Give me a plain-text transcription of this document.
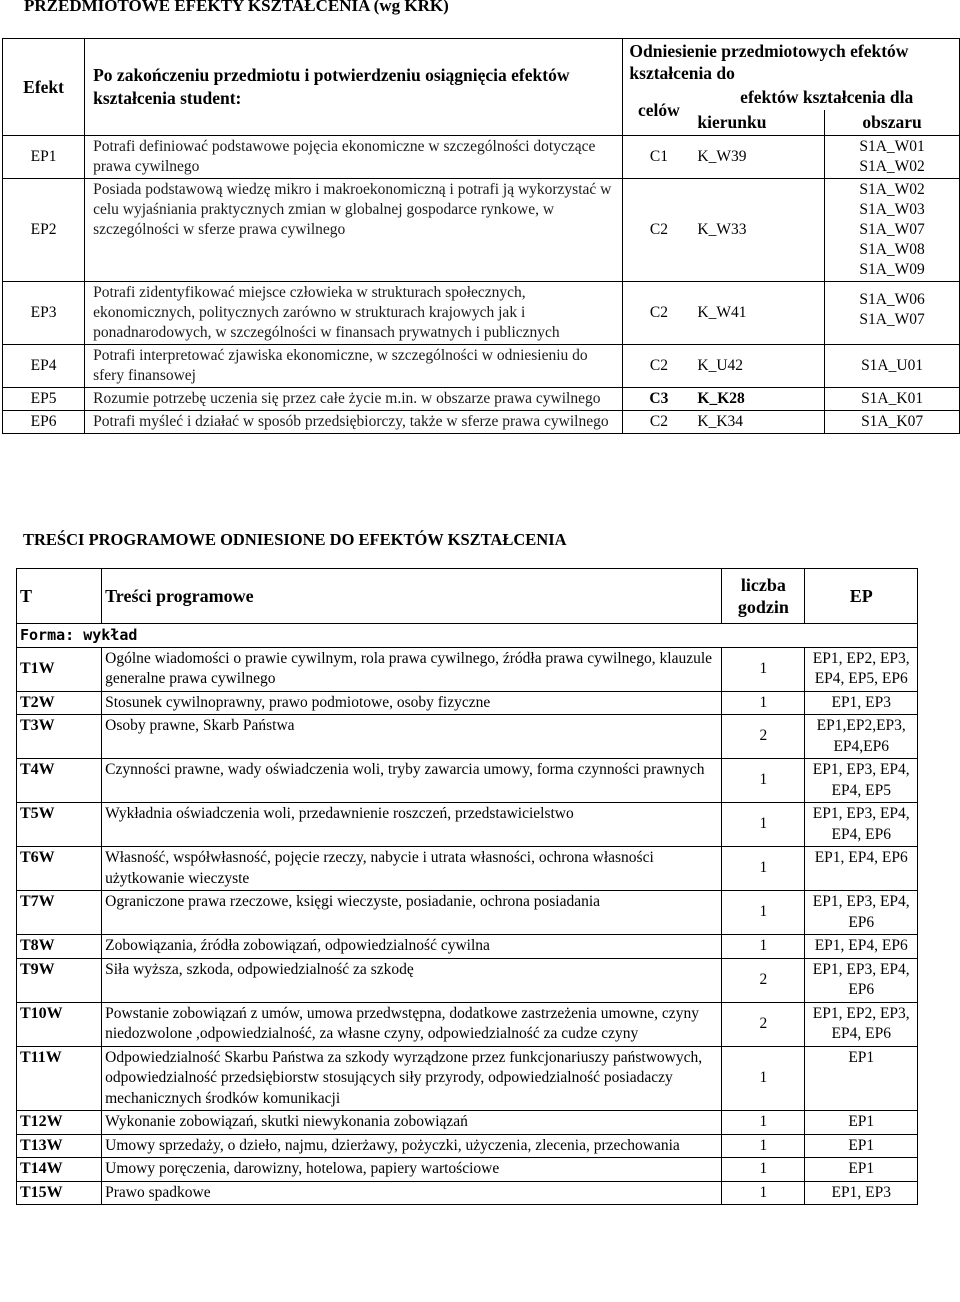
PRZEDMIOTOWE EFEKTY KSZTAŁCENIA (wg KRK)
Efekt	Po zakończeniu przedmiotu i potwierdzeniu osiągnięcia efektów kształcenia student:	Odniesienie przedmiotowych efektów kształcenia do		
		celów	efektów kształcenia dla	
			kierunku	obszaru
EP1	Potrafi definiować podstawowe pojęcia ekonomiczne w szczególności dotyczące prawa cywilnego	C1	K_W39	S1A_W01
S1A_W02
EP2	Posiada podstawową wiedzę mikro i makroekonomiczną i potrafi ją wykorzystać w celu wyjaśniania praktycznych zmian w globalnej gospodarce rynkowe, w szczególności w sferze prawa cywilnego	C2	K_W33	S1A_W02
S1A_W03
S1A_W07
S1A_W08
S1A_W09
EP3	Potrafi zidentyfikować miejsce człowieka w strukturach społecznych, ekonomicznych, politycznych zarówno w strukturach krajowych jak i ponadnarodowych, w szczególności w finansach prywatnych i publicznych	C2	K_W41	S1A_W06
S1A_W07
EP4	Potrafi interpretować zjawiska ekonomiczne, w szczególności w odniesieniu do sfery finansowej	C2	K_U42	S1A_U01
EP5	Rozumie potrzebę uczenia się przez całe życie m.in. w obszarze prawa cywilnego	C3	K_K28	S1A_K01
EP6	Potrafi myśleć i działać w sposób przedsiębiorczy, także w sferze prawa cywilnego	C2	K_K34	S1A_K07
TREŚCI PROGRAMOWE ODNIESIONE DO EFEKTÓW KSZTAŁCENIA
T	Treści programowe	liczba godzin	EP
Forma: wykład			
T1W	Ogólne wiadomości o prawie cywilnym, rola prawa cywilnego, źródła prawa cywilnego, klauzule generalne prawa cywilnego	1	EP1, EP2, EP3, EP4, EP5, EP6
T2W	Stosunek cywilnoprawny, prawo podmiotowe, osoby fizyczne	1	EP1, EP3
T3W	Osoby prawne, Skarb Państwa	2	EP1,EP2,EP3, EP4,EP6
T4W	Czynności prawne, wady oświadczenia woli, tryby zawarcia umowy, forma czynności prawnych	1	EP1, EP3, EP4, EP4, EP5
T5W	Wykładnia oświadczenia woli, przedawnienie roszczeń, przedstawicielstwo	1	EP1, EP3, EP4, EP4, EP6
T6W	Własność, współwłasność, pojęcie rzeczy, nabycie i utrata własności, ochrona własności użytkowanie wieczyste	1	EP1, EP4, EP6
T7W	Ograniczone prawa rzeczowe, księgi wieczyste, posiadanie, ochrona posiadania	1	EP1, EP3, EP4, EP6
T8W	Zobowiązania, źródła zobowiązań, odpowiedzialność cywilna	1	EP1, EP4, EP6
T9W	Siła wyższa, szkoda, odpowiedzialność za szkodę	2	EP1, EP3, EP4, EP6
T10W	Powstanie zobowiązań z umów, umowa przedwstępna, dodatkowe zastrzeżenia umowne, czyny niedozwolone ,odpowiedzialność, za własne czyny, odpowiedzialność za cudze czyny	2	EP1, EP2, EP3, EP4, EP6
T11W	Odpowiedzialność Skarbu Państwa za szkody wyrządzone przez funkcjonariuszy państwowych, odpowiedzialność przedsiębiorstw stosujących siły przyrody, odpowiedzialność posiadaczy mechanicznych środków komunikacji	1	EP1
T12W	Wykonanie zobowiązań, skutki niewykonania zobowiązań	1	EP1
T13W	Umowy sprzedaży, o dzieło, najmu, dzierżawy, pożyczki, użyczenia, zlecenia, przechowania	1	EP1
T14W	Umowy poręczenia, darowizny, hotelowa, papiery wartościowe	1	EP1
T15W	Prawo spadkowe	1	EP1, EP3
